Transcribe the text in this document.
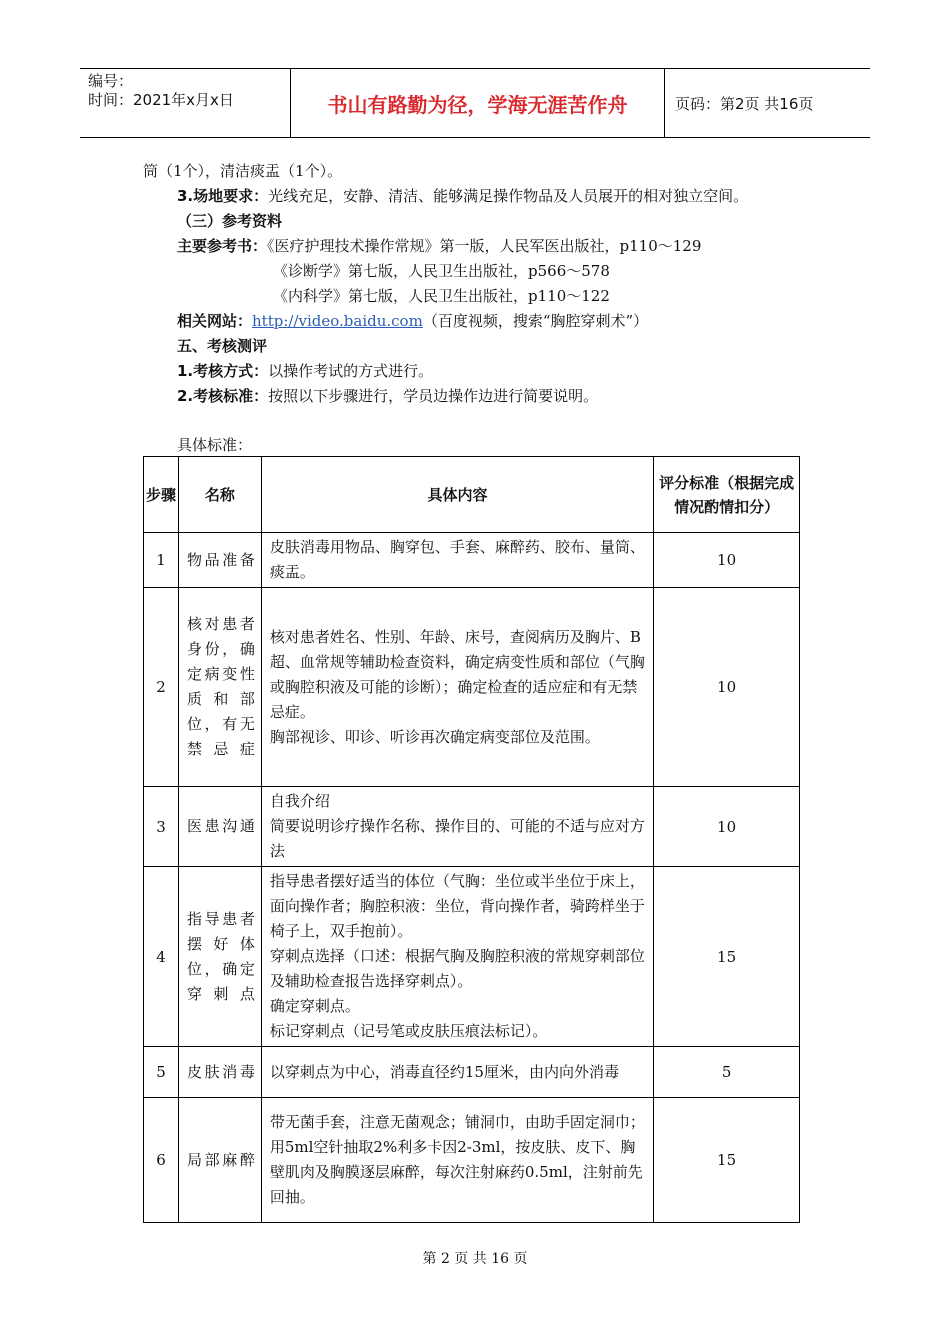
编号：
时间：2021年x月x日	书山有路勤为径，学海无涯苦作舟	页码：第2页 共16页
筒（1个），清洁痰盂（1个）。
3.场地要求：光线充足，安静、清洁、能够满足操作物品及人员展开的相对独立空间。
（三）参考资料
主要参考书：《医疗护理技术操作常规》第一版，人民军医出版社，p110～129
《诊断学》第七版，人民卫生出版社，p566～578
《内科学》第七版，人民卫生出版社，p110～122
相关网站：http://video.baidu.com（百度视频，搜索“胸腔穿刺术”）
五、考核测评
1.考核方式：以操作考试的方式进行。
2.考核标准：按照以下步骤进行，学员边操作边进行简要说明。
具体标准：
步骤	名称	具体内容	评分标准（根据完成情况酌情扣分）
1	物品准备	皮肤消毒用物品、胸穿包、手套、麻醉药、胶布、量筒、痰盂。	10
2	核对患者身份，确定病变性质和部位，有无禁忌症	核对患者姓名、性别、年龄、床号，查阅病历及胸片、B超、血常规等辅助检查资料，确定病变性质和部位（气胸或胸腔积液及可能的诊断）；确定检查的适应症和有无禁忌症。
胸部视诊、叩诊、听诊再次确定病变部位及范围。	10
3	医患沟通	自我介绍
简要说明诊疗操作名称、操作目的、可能的不适与应对方法	10
4	指导患者摆好体位，确定穿刺点	指导患者摆好适当的体位（气胸：坐位或半坐位于床上，面向操作者；胸腔积液：坐位，背向操作者，骑跨样坐于椅子上，双手抱前）。
穿刺点选择（口述：根据气胸及胸腔积液的常规穿刺部位及辅助检查报告选择穿刺点）。
确定穿刺点。
标记穿刺点（记号笔或皮肤压痕法标记）。	15
5	皮肤消毒	以穿刺点为中心，消毒直径约15厘米，由内向外消毒	5
6	局部麻醉	带无菌手套，注意无菌观念；铺洞巾，由助手固定洞巾；
用5ml空针抽取2%利多卡因2-3ml，按皮肤、皮下、胸壁肌肉及胸膜逐层麻醉，每次注射麻药0.5ml，注射前先回抽。	15
第 2 页 共 16 页
